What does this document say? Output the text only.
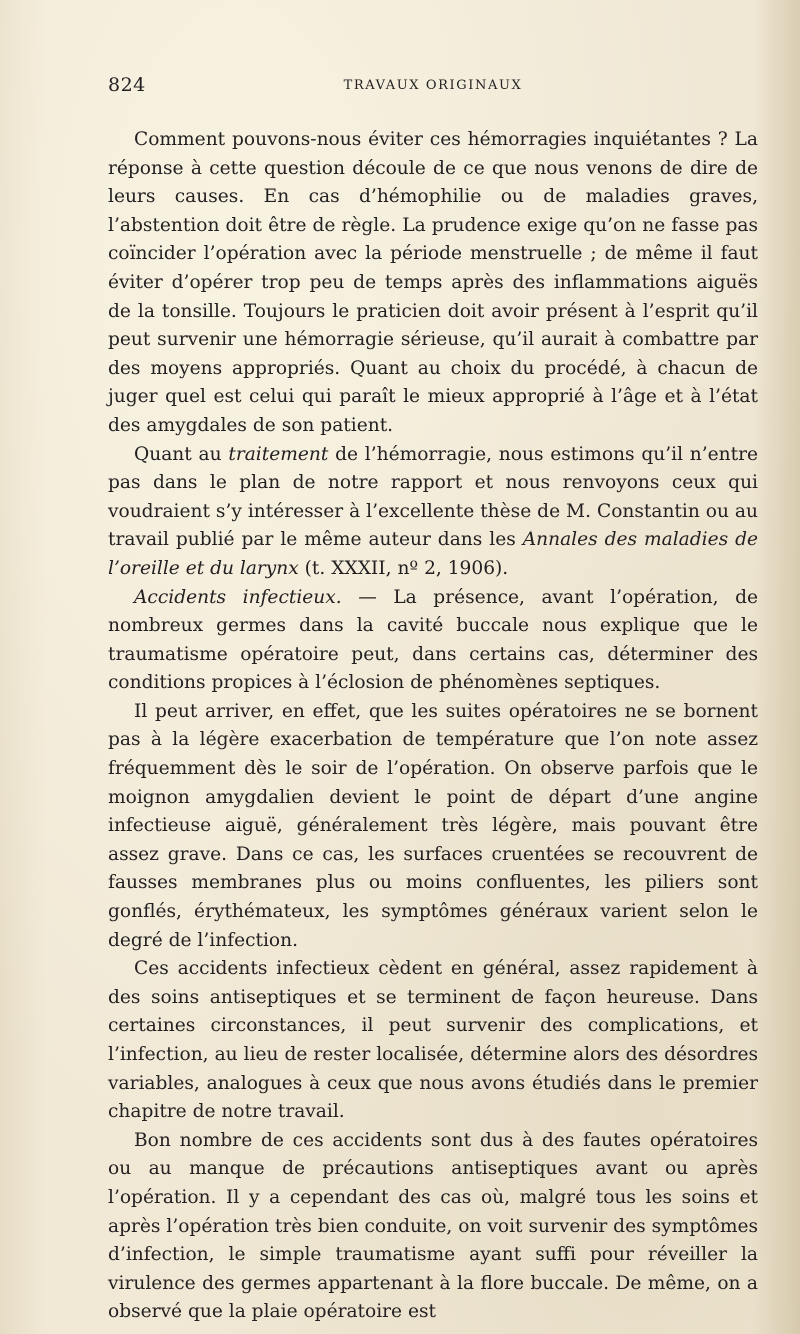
824	TRAVAUX ORIGINAUX

Comment pouvons-nous éviter ces hémorragies inquiétantes ? La réponse à cette question découle de ce que nous venons de dire de leurs causes. En cas d’hémophilie ou de maladies graves, l’abstention doit être de règle. La prudence exige qu’on ne fasse pas coïncider l’opération avec la période menstruelle ; de même il faut éviter d’opérer trop peu de temps après des inflammations aiguës de la tonsille. Toujours le praticien doit avoir présent à l’esprit qu’il peut survenir une hémorragie sérieuse, qu’il aurait à combattre par des moyens appropriés. Quant au choix du procédé, à chacun de juger quel est celui qui paraît le mieux approprié à l’âge et à l’état des amygdales de son patient.

Quant au traitement de l’hémorragie, nous estimons qu’il n’entre pas dans le plan de notre rapport et nous renvoyons ceux qui voudraient s’y intéresser à l’excellente thèse de M. Constantin ou au travail publié par le même auteur dans les Annales des maladies de l’oreille et du larynx (t. XXXII, nº 2, 1906).

Accidents infectieux. — La présence, avant l’opération, de nombreux germes dans la cavité buccale nous explique que le traumatisme opératoire peut, dans certains cas, déterminer des conditions propices à l’éclosion de phénomènes septiques.

Il peut arriver, en effet, que les suites opératoires ne se bornent pas à la légère exacerbation de température que l’on note assez fréquemment dès le soir de l’opération. On observe parfois que le moignon amygdalien devient le point de départ d’une angine infectieuse aiguë, généralement très légère, mais pouvant être assez grave. Dans ce cas, les surfaces cruentées se recouvrent de fausses membranes plus ou moins confluentes, les piliers sont gonflés, érythémateux, les symptômes généraux varient selon le degré de l’infection.

Ces accidents infectieux cèdent en général, assez rapidement à des soins antiseptiques et se terminent de façon heureuse. Dans certaines circonstances, il peut survenir des complications, et l’infection, au lieu de rester localisée, détermine alors des désordres variables, analogues à ceux que nous avons étudiés dans le premier chapitre de notre travail.

Bon nombre de ces accidents sont dus à des fautes opératoires ou au manque de précautions antiseptiques avant ou après l’opération. Il y a cependant des cas où, malgré tous les soins et après l’opération très bien conduite, on voit survenir des symptômes d’infection, le simple traumatisme ayant suffi pour réveiller la virulence des germes appartenant à la flore buccale. De même, on a observé que la plaie opératoire est
